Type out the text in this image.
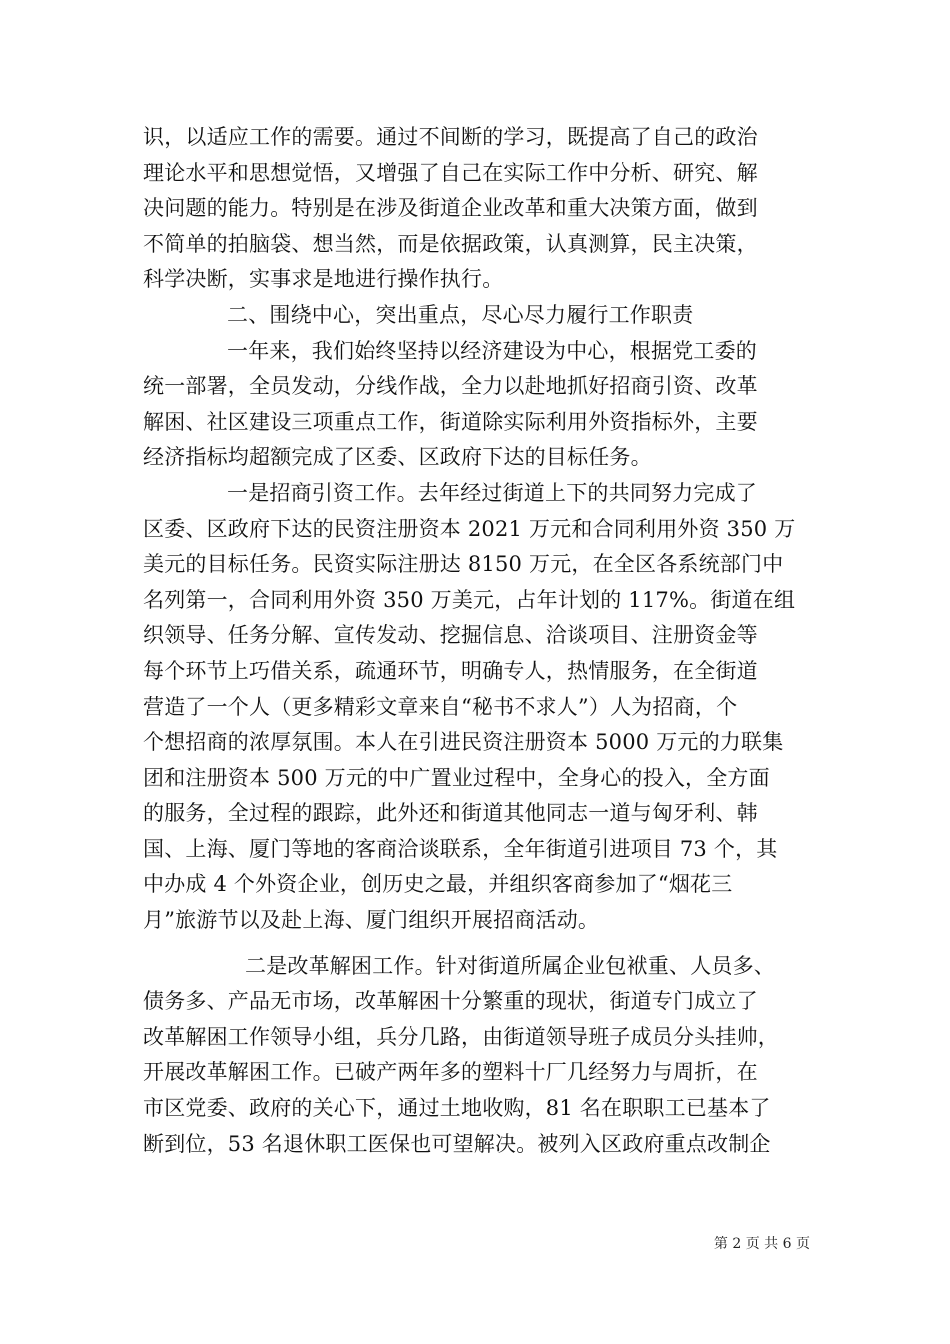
识，以适应工作的需要。通过不间断的学习，既提高了自己的政治
理论水平和思想觉悟，又增强了自己在实际工作中分析、研究、解
决问题的能力。特别是在涉及街道企业改革和重大决策方面，做到
不简单的拍脑袋、想当然，而是依据政策，认真测算，民主决策，
科学决断，实事求是地进行操作执行。
二、围绕中心，突出重点，尽心尽力履行工作职责
一年来，我们始终坚持以经济建设为中心，根据党工委的
统一部署，全员发动，分线作战，全力以赴地抓好招商引资、改革
解困、社区建设三项重点工作，街道除实际利用外资指标外，主要
经济指标均超额完成了区委、区政府下达的目标任务。
一是招商引资工作。去年经过街道上下的共同努力完成了
区委、区政府下达的民资注册资本 2021 万元和合同利用外资 350 万
美元的目标任务。民资实际注册达 8150 万元，在全区各系统部门中
名列第一，合同利用外资 350 万美元，占年计划的 117%。街道在组
织领导、任务分解、宣传发动、挖掘信息、洽谈项目、注册资金等
每个环节上巧借关系，疏通环节，明确专人，热情服务，在全街道
营造了一个人（更多精彩文章来自“秘书不求人”）人为招商，个
个想招商的浓厚氛围。本人在引进民资注册资本 5000 万元的力联集
团和注册资本 500 万元的中广置业过程中，全身心的投入，全方面
的服务，全过程的跟踪，此外还和街道其他同志一道与匈牙利、韩
国、上海、厦门等地的客商洽谈联系，全年街道引进项目 73 个，其
中办成 4 个外资企业，创历史之最，并组织客商参加了“烟花三
月”旅游节以及赴上海、厦门组织开展招商活动。
二是改革解困工作。针对街道所属企业包袱重、人员多、
债务多、产品无市场，改革解困十分繁重的现状，街道专门成立了
改革解困工作领导小组，兵分几路，由街道领导班子成员分头挂帅，
开展改革解困工作。已破产两年多的塑料十厂几经努力与周折，在
市区党委、政府的关心下，通过土地收购，81 名在职职工已基本了
断到位，53 名退休职工医保也可望解决。被列入区政府重点改制企
第 2 页 共 6 页
